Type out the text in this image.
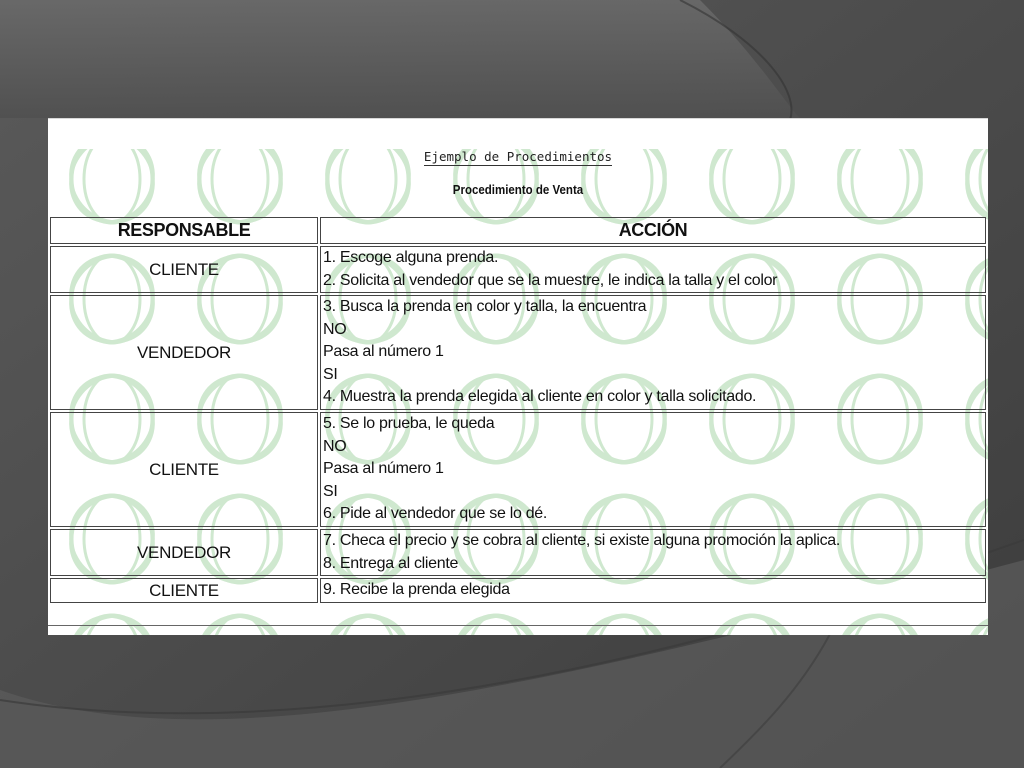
Ejemplo de Procedimientos
Procedimiento de Venta
RESPONSABLE	ACCIÓN
CLIENTE	1. Escoge alguna prenda.
2. Solicita al vendedor que se la muestre, le indica la talla y el color

VENDEDOR	3. Busca la prenda en color y talla, la encuentra
NO
Pasa al número 1
SI
4. Muestra la prenda elegida al cliente en color y talla solicitado.

CLIENTE	5. Se lo prueba, le queda
NO
Pasa al número 1
SI
6. Pide al vendedor que se lo dé.

VENDEDOR	7. Checa el precio y se cobra al cliente, si existe alguna promoción la aplica.
8. Entrega al cliente

CLIENTE	9. Recibe la prenda elegida
